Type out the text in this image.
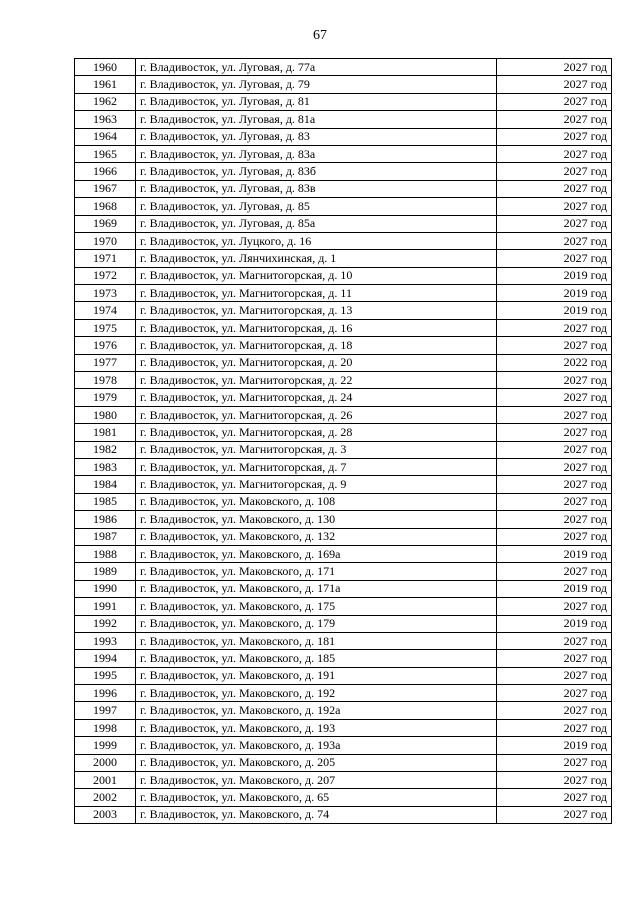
67
1960	г. Владивосток, ул. Луговая, д. 77а	2027 год
1961	г. Владивосток, ул. Луговая, д. 79	2027 год
1962	г. Владивосток, ул. Луговая, д. 81	2027 год
1963	г. Владивосток, ул. Луговая, д. 81а	2027 год
1964	г. Владивосток, ул. Луговая, д. 83	2027 год
1965	г. Владивосток, ул. Луговая, д. 83а	2027 год
1966	г. Владивосток, ул. Луговая, д. 83б	2027 год
1967	г. Владивосток, ул. Луговая, д. 83в	2027 год
1968	г. Владивосток, ул. Луговая, д. 85	2027 год
1969	г. Владивосток, ул. Луговая, д. 85а	2027 год
1970	г. Владивосток, ул. Луцкого, д. 16	2027 год
1971	г. Владивосток, ул. Лянчихинская, д. 1	2027 год
1972	г. Владивосток, ул. Магнитогорская, д. 10	2019 год
1973	г. Владивосток, ул. Магнитогорская, д. 11	2019 год
1974	г. Владивосток, ул. Магнитогорская, д. 13	2019 год
1975	г. Владивосток, ул. Магнитогорская, д. 16	2027 год
1976	г. Владивосток, ул. Магнитогорская, д. 18	2027 год
1977	г. Владивосток, ул. Магнитогорская, д. 20	2022 год
1978	г. Владивосток, ул. Магнитогорская, д. 22	2027 год
1979	г. Владивосток, ул. Магнитогорская, д. 24	2027 год
1980	г. Владивосток, ул. Магнитогорская, д. 26	2027 год
1981	г. Владивосток, ул. Магнитогорская, д. 28	2027 год
1982	г. Владивосток, ул. Магнитогорская, д. 3	2027 год
1983	г. Владивосток, ул. Магнитогорская, д. 7	2027 год
1984	г. Владивосток, ул. Магнитогорская, д. 9	2027 год
1985	г. Владивосток, ул. Маковского, д. 108	2027 год
1986	г. Владивосток, ул. Маковского, д. 130	2027 год
1987	г. Владивосток, ул. Маковского, д. 132	2027 год
1988	г. Владивосток, ул. Маковского, д. 169а	2019 год
1989	г. Владивосток, ул. Маковского, д. 171	2027 год
1990	г. Владивосток, ул. Маковского, д. 171а	2019 год
1991	г. Владивосток, ул. Маковского, д. 175	2027 год
1992	г. Владивосток, ул. Маковского, д. 179	2019 год
1993	г. Владивосток, ул. Маковского, д. 181	2027 год
1994	г. Владивосток, ул. Маковского, д. 185	2027 год
1995	г. Владивосток, ул. Маковского, д. 191	2027 год
1996	г. Владивосток, ул. Маковского, д. 192	2027 год
1997	г. Владивосток, ул. Маковского, д. 192а	2027 год
1998	г. Владивосток, ул. Маковского, д. 193	2027 год
1999	г. Владивосток, ул. Маковского, д. 193а	2019 год
2000	г. Владивосток, ул. Маковского, д. 205	2027 год
2001	г. Владивосток, ул. Маковского, д. 207	2027 год
2002	г. Владивосток, ул. Маковского, д. 65	2027 год
2003	г. Владивосток, ул. Маковского, д. 74	2027 год
